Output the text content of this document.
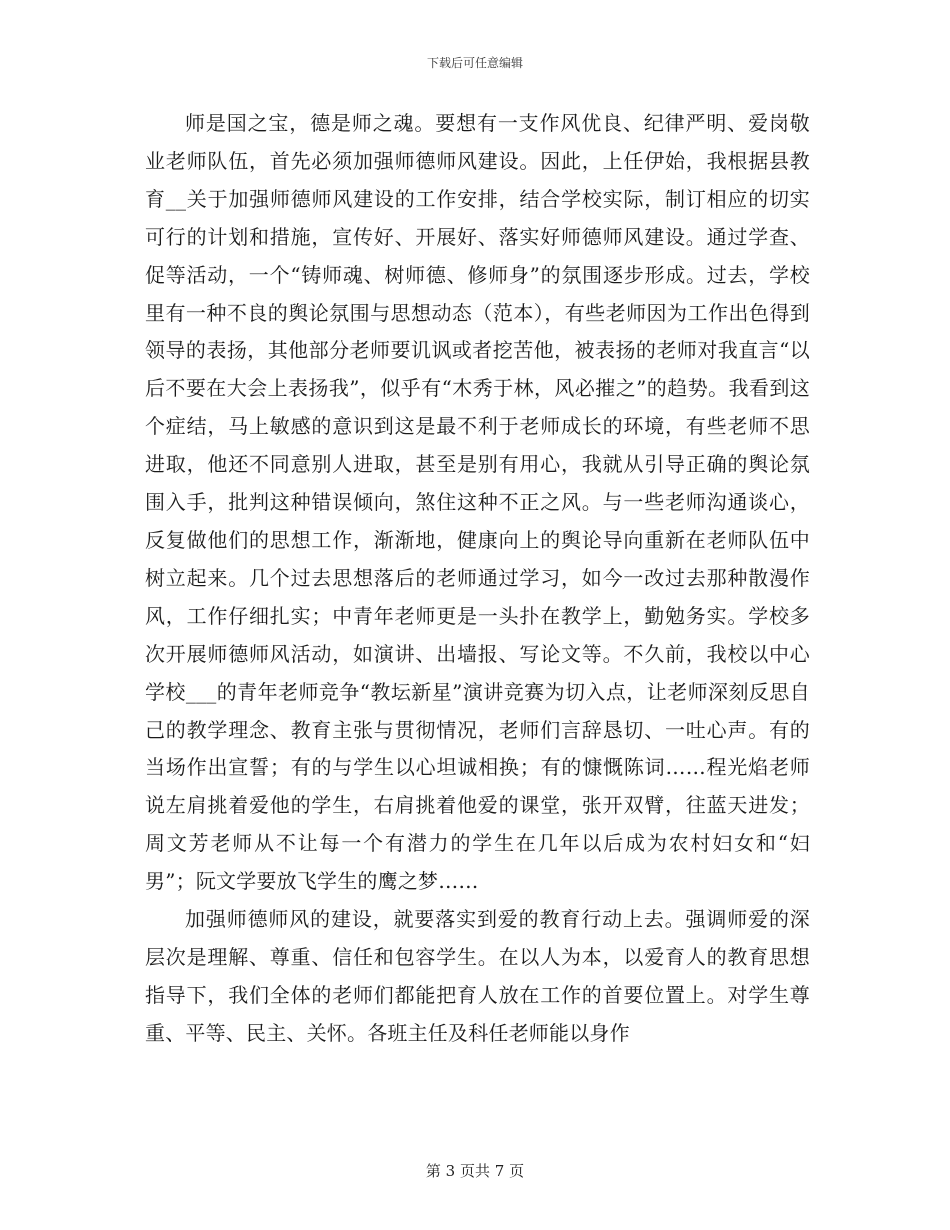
下载后可任意编辑

师是国之宝，德是师之魂。要想有一支作风优良、纪律严明、爱岗敬业老师队伍，首先必须加强师德师风建设。因此，上任伊始，我根据县教育__关于加强师德师风建设的工作安排，结合学校实际，制订相应的切实可行的计划和措施，宣传好、开展好、落实好师德师风建设。通过学查、促等活动，一个“铸师魂、树师德、修师身”的氛围逐步形成。过去，学校里有一种不良的舆论氛围与思想动态（范本），有些老师因为工作出色得到领导的表扬，其他部分老师要讥讽或者挖苦他，被表扬的老师对我直言“以后不要在大会上表扬我”，似乎有“木秀于林，风必摧之”的趋势。我看到这个症结，马上敏感的意识到这是最不利于老师成长的环境，有些老师不思进取，他还不同意别人进取，甚至是别有用心，我就从引导正确的舆论氛围入手，批判这种错误倾向，煞住这种不正之风。与一些老师沟通谈心，反复做他们的思想工作，渐渐地，健康向上的舆论导向重新在老师队伍中树立起来。几个过去思想落后的老师通过学习，如今一改过去那种散漫作风，工作仔细扎实；中青年老师更是一头扑在教学上，勤勉务实。学校多次开展师德师风活动，如演讲、出墙报、写论文等。不久前，我校以中心学校___的青年老师竞争“教坛新星”演讲竞赛为切入点，让老师深刻反思自己的教学理念、教育主张与贯彻情况，老师们言辞恳切、一吐心声。有的当场作出宣誓；有的与学生以心坦诚相换；有的慷慨陈词……程光焰老师说左肩挑着爱他的学生，右肩挑着他爱的课堂，张开双臂，往蓝天进发；周文芳老师从不让每一个有潜力的学生在几年以后成为农村妇女和“妇男”；阮文学要放飞学生的鹰之梦……

加强师德师风的建设，就要落实到爱的教育行动上去。强调师爱的深层次是理解、尊重、信任和包容学生。在以人为本，以爱育人的教育思想指导下，我们全体的老师们都能把育人放在工作的首要位置上。对学生尊重、平等、民主、关怀。各班主任及科任老师能以身作

第 3 页共 7 页
